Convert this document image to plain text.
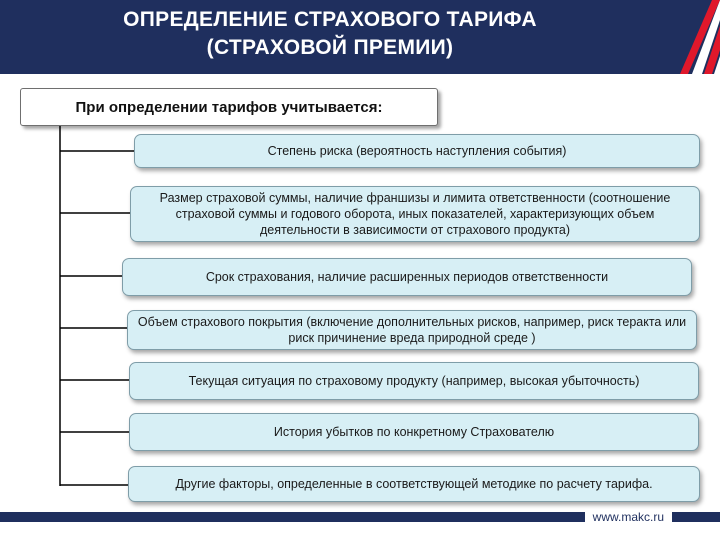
ОПРЕДЕЛЕНИЕ СТРАХОВОГО ТАРИФА
(СТРАХОВОЙ ПРЕМИИ)
При определении тарифов учитывается:
Степень риска (вероятность наступления события)
Размер страховой суммы, наличие франшизы и лимита ответственности (соотношение страховой суммы и годового оборота, иных показателей, характеризующих объем деятельности в зависимости от страхового продукта)
Срок страхования, наличие расширенных периодов ответственности
Объем страхового покрытия (включение дополнительных рисков, например, риск теракта или риск причинение вреда природной среде )
Текущая ситуация по страховому продукту (например, высокая убыточность)
История убытков по конкретному Страхователю
Другие факторы, определенные в соответствующей методике по расчету тарифа.
www.makc.ru
